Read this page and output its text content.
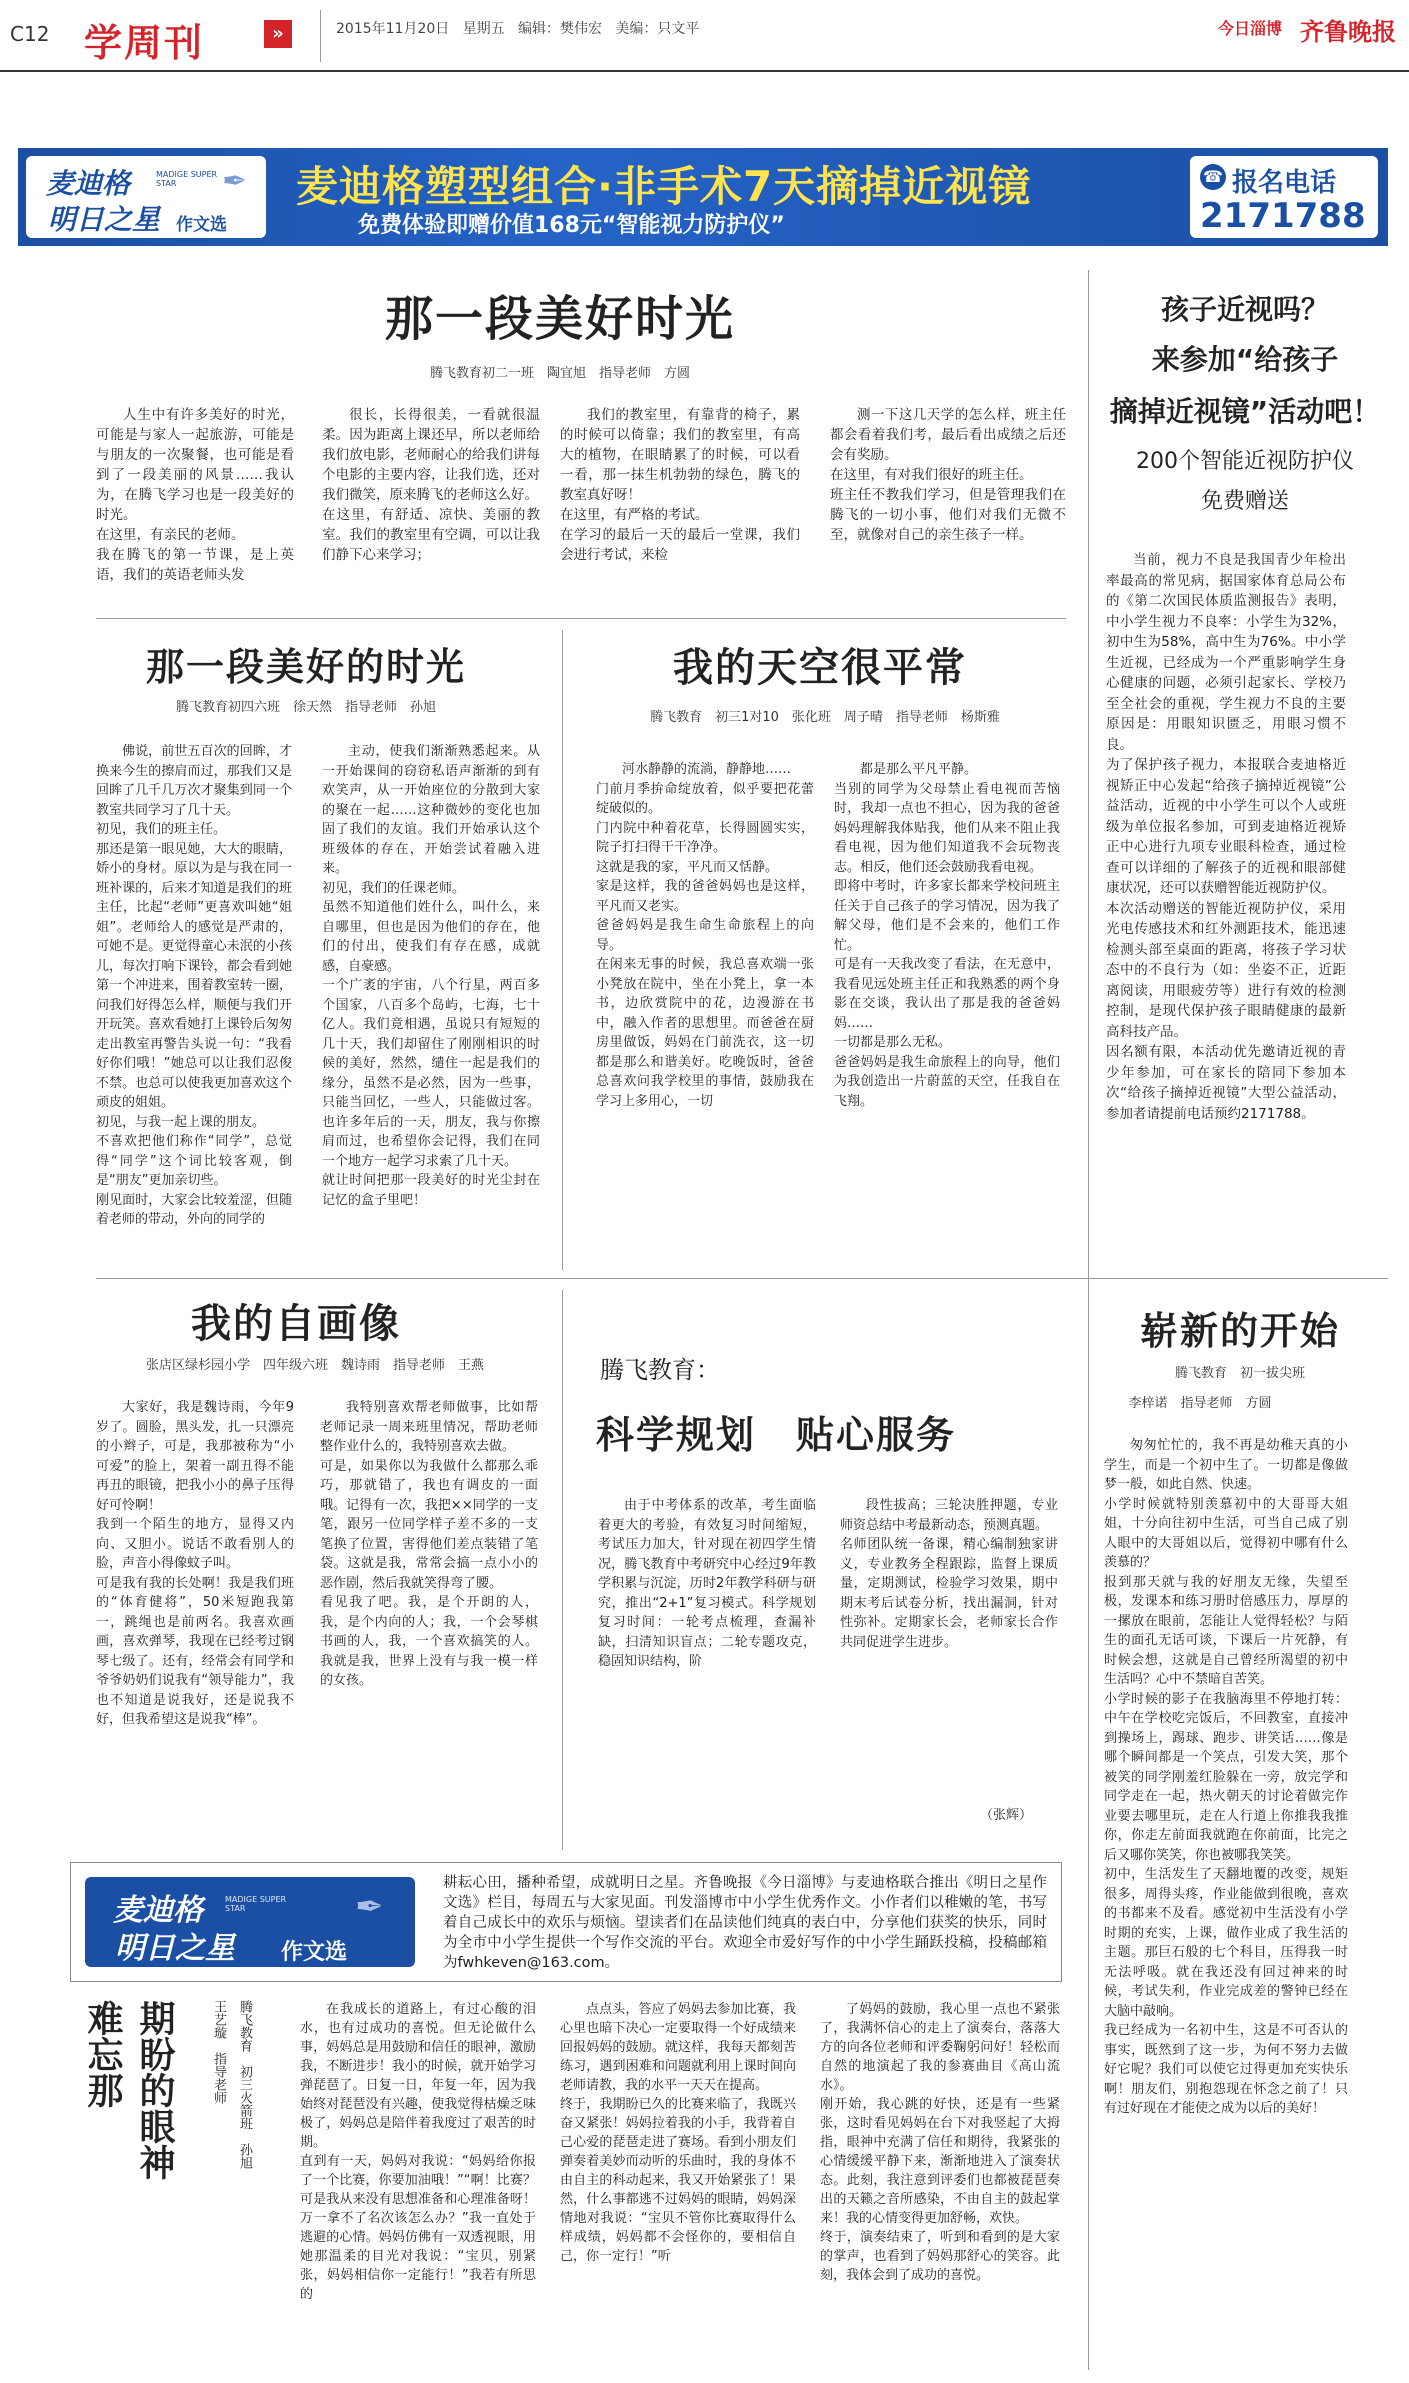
C12 学周刊	»	2015年11月20日 星期五 编辑：樊伟宏 美编：只文平	今日淄博 齐鲁晚报
麦迪格	MADIGE SUPER STAR
明日之星 作文选
✒ 麦迪格塑型组合·非手术7天摘掉近视镜
免费体验即赠价值168元“智能视力防护仪”
☎ 报名电话
2171788
那一段美好时光
腾飞教育初二一班　陶宜旭　指导老师　方圆
人生中有许多美好的时光，可能是与家人一起旅游，可能是与朋友的一次聚餐，也可能是看到了一段美丽的风景……我认为，在腾飞学习也是一段美好的时光。
在这里，有亲民的老师。
我在腾飞的第一节课，是上英语，我们的英语老师头发
很长，长得很美，一看就很温柔。因为距离上课还早，所以老师给我们放电影，老师耐心的给我们讲每个电影的主要内容，让我们选，还对我们微笑，原来腾飞的老师这么好。
在这里，有舒适、凉快、美丽的教室。我们的教室里有空调，可以让我们静下心来学习；
我们的教室里，有靠背的椅子，累的时候可以倚靠；我们的教室里，有高大的植物，在眼睛累了的时候，可以看一看，那一抹生机勃勃的绿色，腾飞的教室真好呀！
在这里，有严格的考试。
在学习的最后一天的最后一堂课，我们会进行考试，来检
测一下这几天学的怎么样，班主任都会看着我们考，最后看出成绩之后还会有奖励。
在这里，有对我们很好的班主任。
班主任不教我们学习，但是管理我们在腾飞的一切小事，他们对我们无微不至，就像对自己的亲生孩子一样。
孩子近视吗？
来参加“给孩子
摘掉近视镜”活动吧！
200个智能近视防护仪
免费赠送
当前，视力不良是我国青少年检出率最高的常见病，据国家体育总局公布的《第二次国民体质监测报告》表明，中小学生视力不良率：小学生为32%，初中生为58%，高中生为76%。中小学生近视，已经成为一个严重影响学生身心健康的问题，必须引起家长、学校乃至全社会的重视，学生视力不良的主要原因是：用眼知识匮乏，用眼习惯不良。
为了保护孩子视力，本报联合麦迪格近视矫正中心发起“给孩子摘掉近视镜”公益活动，近视的中小学生可以个人或班级为单位报名参加，可到麦迪格近视矫正中心进行九项专业眼科检查，通过检查可以详细的了解孩子的近视和眼部健康状况，还可以获赠智能近视防护仪。
本次活动赠送的智能近视防护仪，采用光电传感技术和红外测距技术，能迅速检测头部至桌面的距离，将孩子学习状态中的不良行为（如：坐姿不正，近距离阅读，用眼疲劳等）进行有效的检测控制，是现代保护孩子眼睛健康的最新高科技产品。
因名额有限，本活动优先邀请近视的青少年参加，可在家长的陪同下参加本次“给孩子摘掉近视镜”大型公益活动，参加者请提前电话预约2171788。
那一段美好的时光
腾飞教育初四六班　徐天然　指导老师　孙旭
佛说，前世五百次的回眸，才换来今生的擦肩而过，那我们又是回眸了几千几万次才聚集到同一个教室共同学习了几十天。
初见，我们的班主任。
那还是第一眼见她，大大的眼睛，娇小的身材。原以为是与我在同一班补课的，后来才知道是我们的班主任，比起“老师”更喜欢叫她“姐姐”。老师给人的感觉是严肃的，可她不是。更觉得童心未泯的小孩儿，每次打响下课铃，都会看到她第一个冲进来，围着教室转一圈，问我们好得怎么样，顺便与我们开开玩笑。喜欢看她打上课铃后匆匆走出教室再警告头说一句：“我看好你们哦！”她总可以让我们忍俊不禁。也总可以使我更加喜欢这个顽皮的姐姐。
初见，与我一起上课的朋友。
不喜欢把他们称作“同学”，总觉得“同学”这个词比较客观，倒是“朋友”更加亲切些。
刚见面时，大家会比较羞涩，但随着老师的带动，外向的同学的
主动，使我们渐渐熟悉起来。从一开始课间的窃窃私语声渐渐的到有欢笑声，从一开始座位的分散到大家的聚在一起……这种微妙的变化也加固了我们的友谊。我们开始承认这个班级体的存在，开始尝试着融入进来。
初见，我们的任课老师。
虽然不知道他们姓什么，叫什么，来自哪里，但也是因为他们的存在，他们的付出，使我们有存在感，成就感，自豪感。
一个广袤的宇宙，八个行星，两百多个国家，八百多个岛屿，七海，七十亿人。我们竟相遇，虽说只有短短的几十天，我们却留住了刚刚相识的时候的美好，然然，缱住一起是我们的缘分，虽然不是必然，因为一些事，只能当回忆，一些人，只能做过客。也许多年后的一天，朋友，我与你擦肩而过，也希望你会记得，我们在同一个地方一起学习求索了几十天。
就让时间把那一段美好的时光尘封在记忆的盒子里吧！
我的天空很平常
腾飞教育　初三1对10　张化班　周子晴　指导老师　杨斯雅
河水静静的流淌，静静地……
门前月季拚命绽放着，似乎要把花蕾绽破似的。
门内院中种着花草，长得圆圆实实，院子打扫得干干净净。
这就是我的家，平凡而又恬静。
家是这样，我的爸爸妈妈也是这样，平凡而又老实。
爸爸妈妈是我生命生命旅程上的向导。
在闲来无事的时候，我总喜欢端一张小凳放在院中，坐在小凳上，拿一本书，边欣赏院中的花，边漫游在书中，融入作者的思想里。而爸爸在厨房里做饭，妈妈在门前洗衣，这一切都是那么和谐美好。吃晚饭时，爸爸总喜欢问我学校里的事情，鼓励我在学习上多用心，一切
都是那么平凡平静。
当别的同学为父母禁止看电视而苦恼时，我却一点也不担心，因为我的爸爸妈妈理解我体贴我，他们从来不阻止我看电视，因为他们知道我不会玩物丧志。相反，他们还会鼓励我看电视。
即将中考时，许多家长都来学校问班主任关于自己孩子的学习情况，因为我了解父母，他们是不会来的，他们工作忙。
可是有一天我改变了看法，在无意中，我看见远处班主任正和我熟悉的两个身影在交谈，我认出了那是我的爸爸妈妈……
一切都是那么无私。
爸爸妈妈是我生命旅程上的向导，他们为我创造出一片蔚蓝的天空，任我自在飞翔。
我的自画像
张店区绿杉园小学　四年级六班　魏诗雨　指导老师　王燕
大家好，我是魏诗雨，今年9岁了。圆脸，黑头发，扎一只漂亮的小辫子，可是，我那被称为“小可爱”的脸上，架着一副丑得不能再丑的眼镜，把我小小的鼻子压得好可怜啊！
我到一个陌生的地方，显得又内向、又胆小。说话不敢看别人的脸，声音小得像蚊子叫。
可是我有我的长处啊！我是我们班的“体育健将”，50米短跑我第一，跳绳也是前两名。我喜欢画画，喜欢弹琴，我现在已经考过钢琴七级了。还有，经常会有同学和爷爷奶奶们说我有“领导能力”，我也不知道是说我好，还是说我不好，但我希望这是说我“棒”。
我特别喜欢帮老师做事，比如帮老师记录一周来班里情况，帮助老师整作业什么的，我特别喜欢去做。
可是，如果你以为我做什么都那么乖巧，那就错了，我也有调皮的一面哦。记得有一次，我把××同学的一支笔，跟另一位同学样子差不多的一支笔换了位置，害得他们差点装错了笔袋。这就是我，常常会搞一点小小的恶作剧，然后我就笑得弯了腰。
看见我了吧。我，是个开朗的人，我，是个内向的人；我，一个会琴棋书画的人，我，一个喜欢搞笑的人。我就是我，世界上没有与我一模一样的女孩。
腾飞教育：
科学规划　贴心服务
由于中考体系的改革，考生面临着更大的考验，有效复习时间缩短，考试压力加大，针对现在初四学生情况，腾飞教育中考研究中心经过9年教学积累与沉淀，历时2年教学科研与研究，推出“2+1”复习模式。科学规划复习时间：一轮考点梳理，查漏补缺，扫清知识盲点；二轮专题攻克，稳固知识结构，阶
段性拔高；三轮决胜押题，专业师资总结中考最新动态，预测真题。
名师团队统一备课，精心编制独家讲义，专业教务全程跟踪，监督上课质量，定期测试，检验学习效果，期中期末考后试卷分析，找出漏洞，针对性弥补。定期家长会，老师家长合作共同促进学生进步。
（张辉）
崭新的开始
腾飞教育　初一拔尖班
李梓诺　指导老师　方圆
匆匆忙忙的，我不再是幼稚天真的小学生，而是一个初中生了。一切都是像做梦一般，如此自然、快速。
小学时候就特别羡慕初中的大哥哥大姐姐，十分向往初中生活，可当自己成了别人眼中的大哥姐以后，觉得初中哪有什么羡慕的？
报到那天就与我的好朋友无缘，失望至极，发课本和练习册时倍感压力，厚厚的一摞放在眼前，怎能让人觉得轻松？与陌生的面孔无话可谈，下课后一片死静，有时候会想，这就是自己曾经所渴望的初中生活吗？心中不禁暗自苦笑。
小学时候的影子在我脑海里不停地打转：中午在学校吃完饭后，不回教室，直接冲到操场上，踢球、跑步、讲笑话……像是哪个瞬间都是一个笑点，引发大笑，那个被笑的同学刚羞红脸躲在一旁，放完学和同学走在一起，热火朝天的讨论着做完作业要去哪里玩，走在人行道上你推我我推你，你走左前面我就跑在你前面，比完之后又哪你笑笑，你也被哪我笑笑。
初中，生活发生了天翻地覆的改变，规矩很多，周得头疼，作业能做到很晚，喜欢的书都来不及看。感觉初中生活没有小学时期的充实，上课，做作业成了我生活的主题。那巨石般的七个科目，压得我一时无法呼吸。就在我还没有回过神来的时候，考试失利，作业完成差的警钟已经在大脑中敲响。
我已经成为一名初中生，这是不可否认的事实，既然到了这一步，为何不努力去做好它呢？我们可以使它过得更加充实快乐啊！朋友们，别抱怨现在怀念之前了！只有过好现在才能使之成为以后的美好！
麦迪格	MADIGE SUPER STAR
明日之星 作文选
✒
耕耘心田，播种希望，成就明日之星。齐鲁晚报《今日淄博》与麦迪格联合推出《明日之星作文选》栏目，每周五与大家见面。刊发淄博市中小学生优秀作文。小作者们以稚嫩的笔，书写着自己成长中的欢乐与烦恼。望读者们在品读他们纯真的表白中，分享他们获奖的快乐，同时为全市中小学生提供一个写作交流的平台。欢迎全市爱好写作的中小学生踊跃投稿，投稿邮箱为fwhkeven@163.com。
难忘那 期盼的眼神	王艺璇　指导老师 腾飞教育　初三火箭班　孙旭	在我成长的道路上，有过心酸的泪水，也有过成功的喜悦。但无论做什么事，妈妈总是用鼓励和信任的眼神，激励我，不断进步！我小的时候，就开始学习弹琵琶了。日复一日，年复一年，因为我始终对琵琶没有兴趣，使我觉得枯燥乏味极了，妈妈总是陪伴着我度过了艰苦的时期。
直到有一天，妈妈对我说：“妈妈给你报了一个比赛，你要加油哦！”“啊！比赛？可是我从来没有思想准备和心理准备呀！万一拿不了名次该怎么办？”我一直处于逃避的心情。妈妈仿佛有一双透视眼，用她那温柔的目光对我说：“宝贝，别紧张，妈妈相信你一定能行！”我若有所思的
点点头，答应了妈妈去参加比赛，我心里也暗下决心一定要取得一个好成绩来回报妈妈的鼓励。就这样，我每天都刻苦练习，遇到困难和问题就利用上课时间向老师请教，我的水平一天天在提高。
终于，我期盼已久的比赛来临了，我既兴奋又紧张！妈妈拉着我的小手，我背着自己心爱的琵琶走进了赛场。看到小朋友们弹奏着美妙而动听的乐曲时，我的身体不由自主的科动起来，我又开始紧张了！果然，什么事都逃不过妈妈的眼睛，妈妈深情地对我说：“宝贝不管你比赛取得什么样成绩，妈妈都不会怪你的，要相信自己，你一定行！”听
了妈妈的鼓励，我心里一点也不紧张了，我满怀信心的走上了演奏台，落落大方的向各位老师和评委鞠躬问好！轻松而自然的地演起了我的参赛曲目《高山流水》。
刚开始，我心跳的好快，还是有一些紧张，这时看见妈妈在台下对我竖起了大拇指，眼神中充满了信任和期待，我紧张的心情缓缓平静下来，渐渐地进入了演奏状态。此刻，我注意到评委们也都被琵琶奏出的天籁之音所感染，不由自主的鼓起掌来！我的心情变得更加舒畅，欢快。
终于，演奏结束了，听到和看到的是大家的掌声，也看到了妈妈那舒心的笑容。此刻，我体会到了成功的喜悦。
